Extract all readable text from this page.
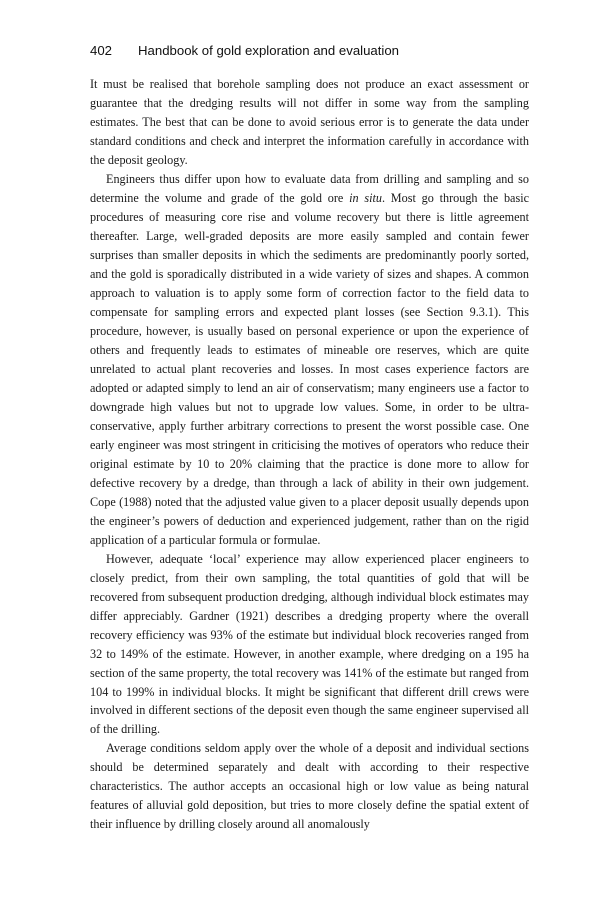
402 Handbook of gold exploration and evaluation

It must be realised that borehole sampling does not produce an exact assessment or guarantee that the dredging results will not differ in some way from the sampling estimates. The best that can be done to avoid serious error is to generate the data under standard conditions and check and interpret the information carefully in accordance with the deposit geology.

Engineers thus differ upon how to evaluate data from drilling and sampling and so determine the volume and grade of the gold ore in situ. Most go through the basic procedures of measuring core rise and volume recovery but there is little agreement thereafter. Large, well-graded deposits are more easily sampled and contain fewer surprises than smaller deposits in which the sediments are predominantly poorly sorted, and the gold is sporadically distributed in a wide variety of sizes and shapes. A common approach to valuation is to apply some form of correction factor to the field data to compensate for sampling errors and expected plant losses (see Section 9.3.1). This procedure, however, is usually based on personal experience or upon the experience of others and frequently leads to estimates of mineable ore reserves, which are quite unrelated to actual plant recoveries and losses. In most cases experience factors are adopted or adapted simply to lend an air of conservatism; many engineers use a factor to downgrade high values but not to upgrade low values. Some, in order to be ultra-conservative, apply further arbitrary corrections to present the worst possible case. One early engineer was most stringent in criticising the motives of operators who reduce their original estimate by 10 to 20% claiming that the practice is done more to allow for defective recovery by a dredge, than through a lack of ability in their own judgement. Cope (1988) noted that the adjusted value given to a placer deposit usually depends upon the engineer’s powers of deduction and experienced judgement, rather than on the rigid application of a particular formula or formulae.

However, adequate ‘local’ experience may allow experienced placer engineers to closely predict, from their own sampling, the total quantities of gold that will be recovered from subsequent production dredging, although individual block estimates may differ appreciably. Gardner (1921) describes a dredging property where the overall recovery efficiency was 93% of the estimate but individual block recoveries ranged from 32 to 149% of the estimate. However, in another example, where dredging on a 195 ha section of the same property, the total recovery was 141% of the estimate but ranged from 104 to 199% in individual blocks. It might be significant that different drill crews were involved in different sections of the deposit even though the same engineer supervised all of the drilling.

Average conditions seldom apply over the whole of a deposit and individual sections should be determined separately and dealt with according to their respective characteristics. The author accepts an occasional high or low value as being natural features of alluvial gold deposition, but tries to more closely define the spatial extent of their influence by drilling closely around all anomalously
